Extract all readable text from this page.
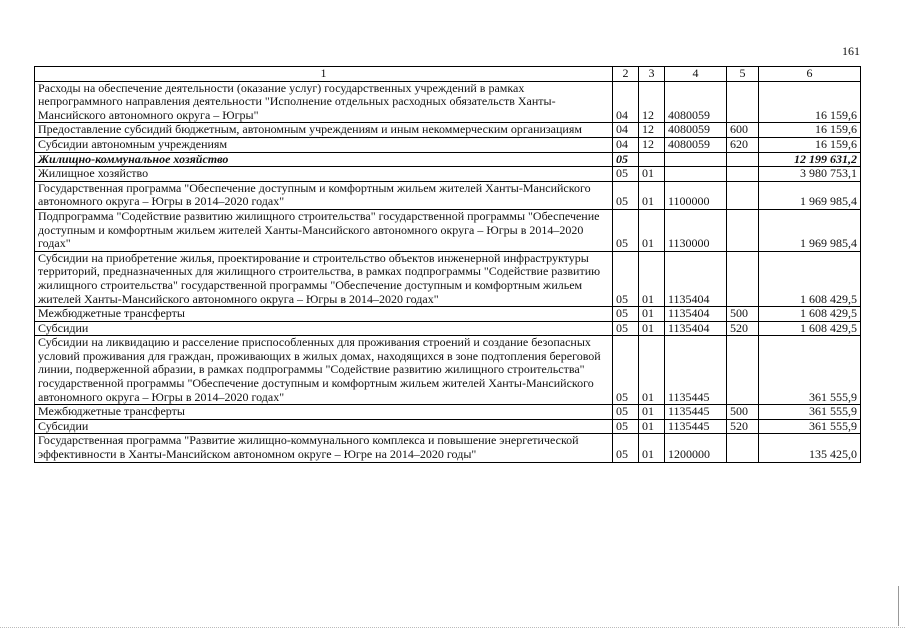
161
1	2	3	4	5	6
Расходы на обеспечение деятельности (оказание услуг) государственных учреждений в рамках непрограммного направления деятельности "Исполнение отдельных расходных обязательств Ханты-Мансийского автономного округа – Югры"	04	12	4080059		16 159,6
Предоставление субсидий бюджетным, автономным учреждениям и иным некоммерческим организациям	04	12	4080059	600	16 159,6
Субсидии автономным учреждениям	04	12	4080059	620	16 159,6
Жилищно-коммунальное хозяйство	05				12 199 631,2
Жилищное хозяйство	05	01			3 980 753,1
Государственная программа "Обеспечение доступным и комфортным жильем жителей Ханты-Мансийского автономного округа – Югры в 2014–2020 годах"	05	01	1100000		1 969 985,4
Подпрограмма "Содействие развитию жилищного строительства" государственной программы "Обеспечение доступным и комфортным жильем жителей Ханты-Мансийского автономного округа – Югры в 2014–2020 годах"	05	01	1130000		1 969 985,4
Субсидии на приобретение жилья, проектирование и строительство объектов инженерной инфраструктуры территорий, предназначенных для жилищного строительства, в рамках подпрограммы "Содействие развитию жилищного строительства" государственной программы "Обеспечение доступным и комфортным жильем жителей Ханты-Мансийского автономного округа – Югры в 2014–2020 годах"	05	01	1135404		1 608 429,5
Межбюджетные трансферты	05	01	1135404	500	1 608 429,5
Субсидии	05	01	1135404	520	1 608 429,5
Субсидии на ликвидацию и расселение приспособленных для проживания строений и создание безопасных условий проживания для граждан, проживающих в жилых домах, находящихся в зоне подтопления береговой линии, подверженной абразии, в рамках подпрограммы "Содействие развитию жилищного строительства" государственной программы "Обеспечение доступным и комфортным жильем жителей Ханты-Мансийского автономного округа – Югры в 2014–2020 годах"	05	01	1135445		361 555,9
Межбюджетные трансферты	05	01	1135445	500	361 555,9
Субсидии	05	01	1135445	520	361 555,9
Государственная программа "Развитие жилищно-коммунального комплекса и повышение энергетической эффективности в Ханты-Мансийском автономном округе – Югре на 2014–2020 годы"	05	01	1200000		135 425,0
